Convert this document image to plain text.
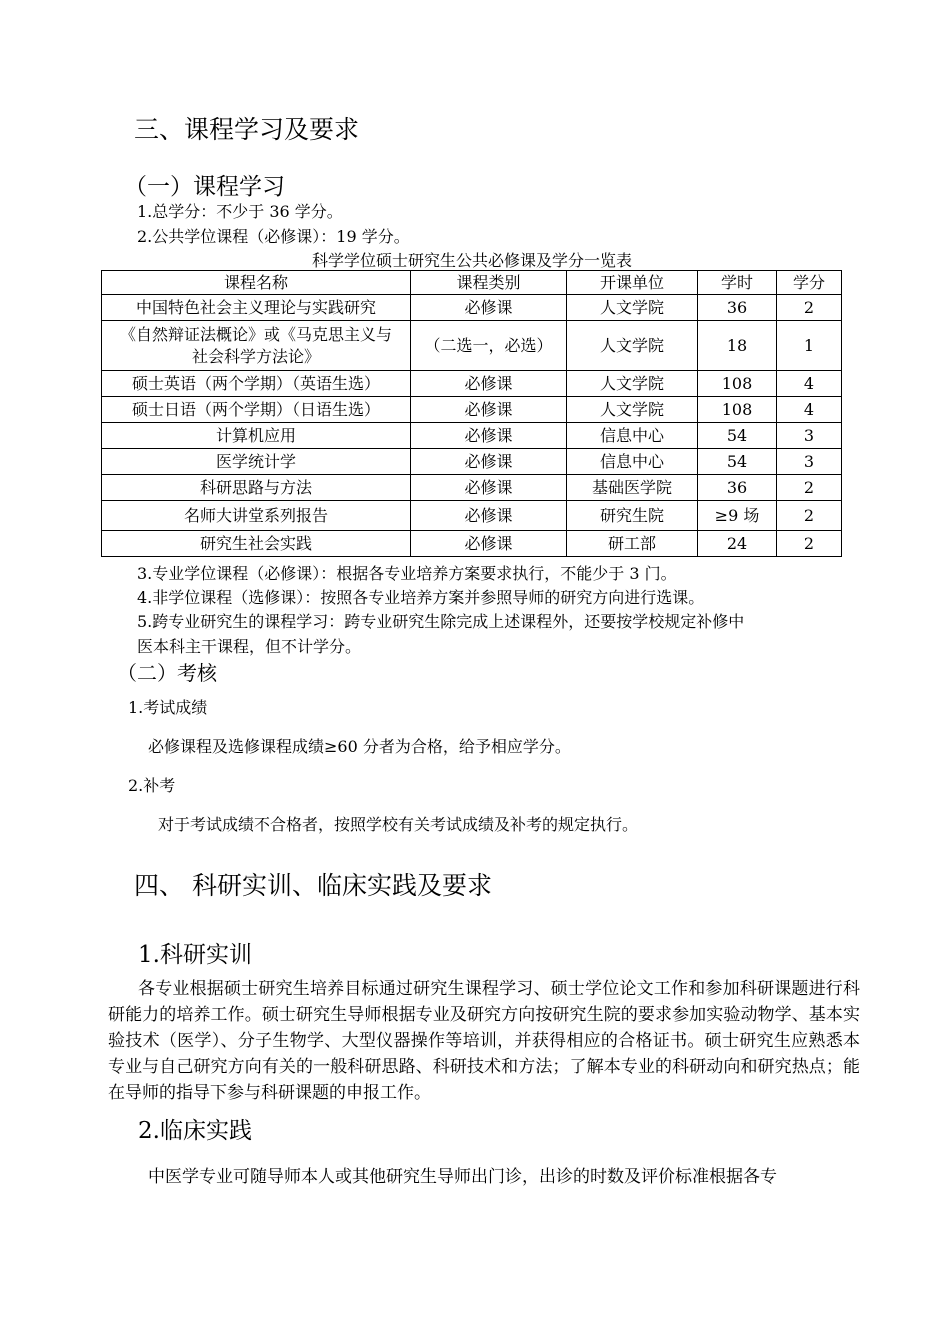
三、课程学习及要求
（一）课程学习
1.总学分：不少于 36 学分。
2.公共学位课程（必修课）：19 学分。
科学学位硕士研究生公共必修课及学分一览表
课程名称	课程类别	开课单位	学时	学分
中国特色社会主义理论与实践研究	必修课	人文学院	36	2
《自然辩证法概论》或《马克思主义与社会科学方法论》	（二选一，必选）	人文学院	18	1
硕士英语（两个学期）（英语生选）	必修课	人文学院	108	4
硕士日语（两个学期）（日语生选）	必修课	人文学院	108	4
计算机应用	必修课	信息中心	54	3
医学统计学	必修课	信息中心	54	3
科研思路与方法	必修课	基础医学院	36	2
名师大讲堂系列报告	必修课	研究生院	≥9 场	2
研究生社会实践	必修课	研工部	24	2
3.专业学位课程（必修课）：根据各专业培养方案要求执行，不能少于 3 门。
4.非学位课程（选修课）：按照各专业培养方案并参照导师的研究方向进行选课。
5.跨专业研究生的课程学习：跨专业研究生除完成上述课程外，还要按学校规定补修中
医本科主干课程，但不计学分。
（二）考核
1.考试成绩
必修课程及选修课程成绩≥60 分者为合格，给予相应学分。
2.补考
对于考试成绩不合格者，按照学校有关考试成绩及补考的规定执行。
四、 科研实训、临床实践及要求
1.科研实训
各专业根据硕士研究生培养目标通过研究生课程学习、硕士学位论文工作和参加科研课题进行科研能力的培养工作。硕士研究生导师根据专业及研究方向按研究生院的要求参加实验动物学、基本实验技术（医学）、分子生物学、大型仪器操作等培训，并获得相应的合格证书。硕士研究生应熟悉本专业与自己研究方向有关的一般科研思路、科研技术和方法；了解本专业的科研动向和研究热点；能在导师的指导下参与科研课题的申报工作。
2.临床实践
中医学专业可随导师本人或其他研究生导师出门诊，出诊的时数及评价标准根据各专
